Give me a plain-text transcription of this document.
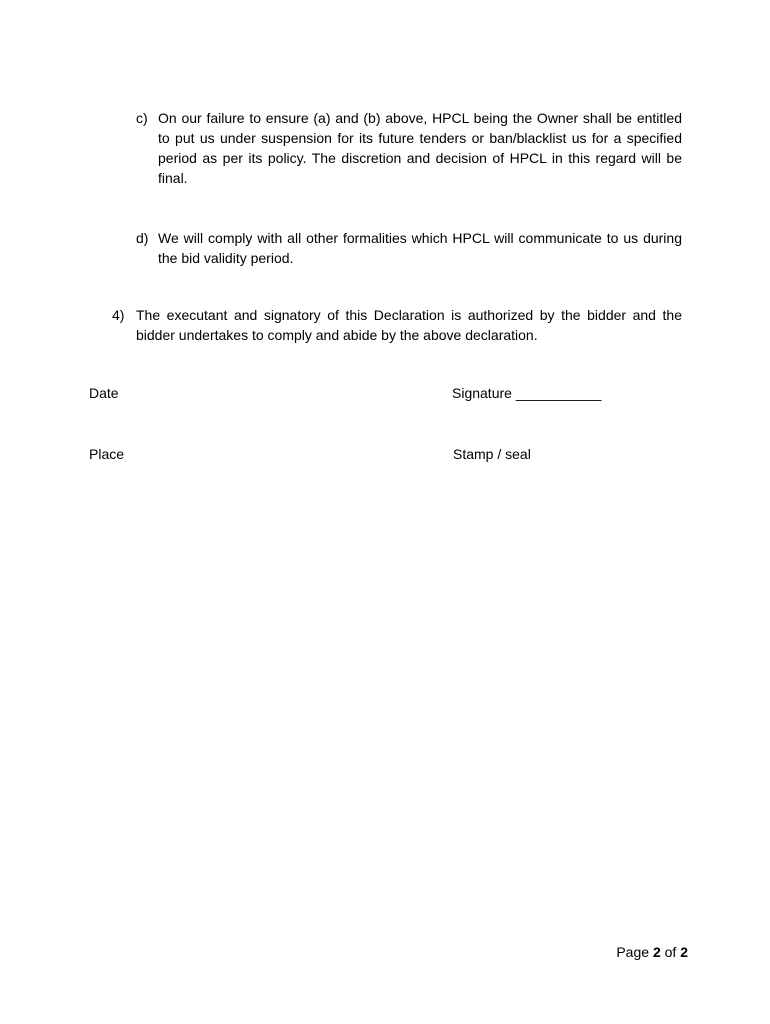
c) On our failure to ensure (a) and (b) above, HPCL being the Owner shall be entitled to put us under suspension for its future tenders or ban/blacklist us for a specified period as per its policy. The discretion and decision of HPCL in this regard will be final.
d) We will comply with all other formalities which HPCL will communicate to us during the bid validity period.
4) The executant and signatory of this Declaration is authorized by the bidder and the bidder undertakes to comply and abide by the above declaration.
Date	Signature ___________
Place	Stamp / seal
Page 2 of 2
